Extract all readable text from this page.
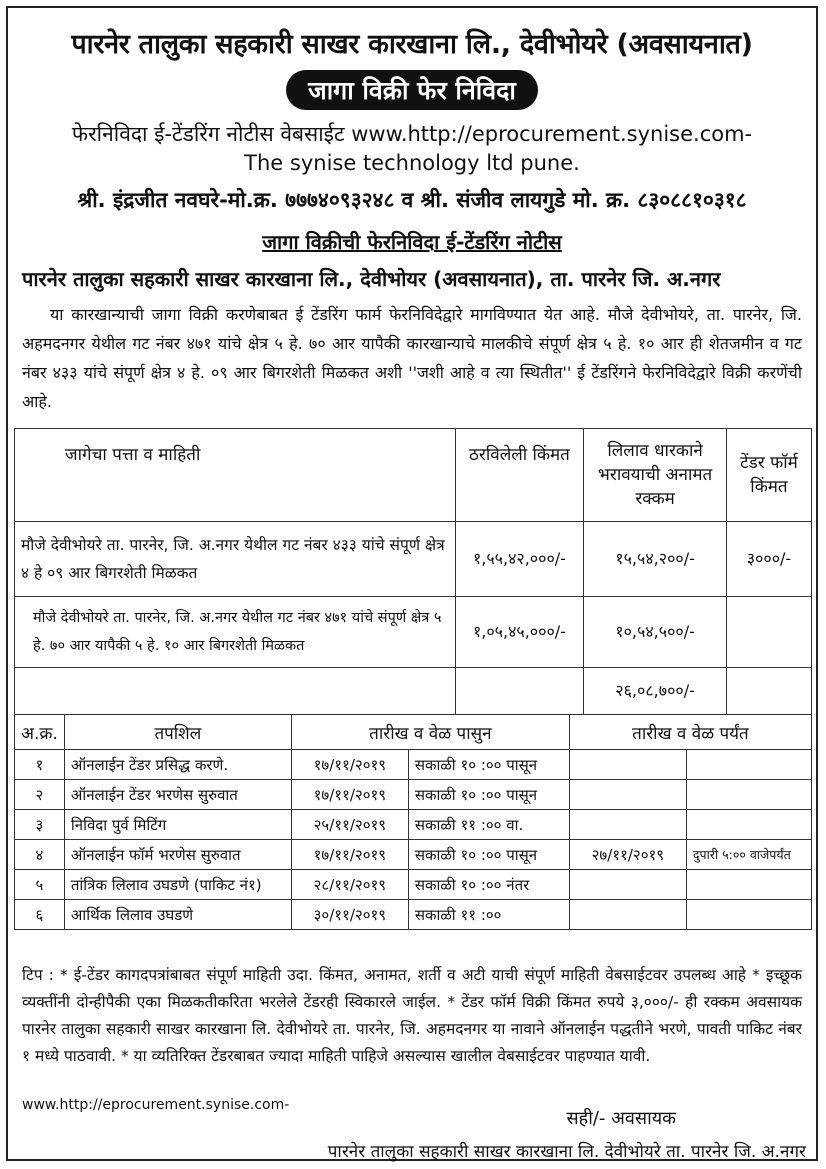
पारनेर तालुका सहकारी साखर कारखाना लि., देवीभोयरे (अवसायनात)
जागा विक्री फेर निविदा
फेरनिविदा ई-टेंडरिंग नोटीस वेबसाईट www.http://eprocurement.synise.com-
The synise technology ltd pune.
श्री. इंद्रजीत नवघरे-मो.क्र. ७७७४०९३२४८ व श्री. संजीव लायगुडे मो. क्र. ८३०८८१०३१८
जागा विक्रीची फेरनिविदा ई-टेंडरिंग नोटीस
पारनेर तालुका सहकारी साखर कारखाना लि., देवीभोयर (अवसायनात), ता. पारनेर जि. अ.नगर
या कारखान्याची जागा विक्री करणेबाबत ई टेंडरिंग फार्म फेरनिविदेद्वारे मागविण्यात येत आहे. मौजे देवीभोयरे, ता. पारनेर, जि. अहमदनगर येथील गट नंबर ४७१ यांचे क्षेत्र ५ हे. ७० आर यापैकी कारखान्याचे मालकीचे संपूर्ण क्षेत्र ५ हे. १० आर ही शेतजमीन व गट नंबर ४३३ यांचे संपूर्ण क्षेत्र ४ हे. ०९ आर बिगरशेती मिळकत अशी ''जशी आहे व त्या स्थितीत'' ई टेंडरिंगने फेरनिविदेद्वारे विक्री करणेंची आहे.
जागेचा पत्ता व माहिती	ठरविलेली किंमत	लिलाव धारकाने भरावयाची अनामत रक्कम	टेंडर फॉर्म किंमत
मौजे देवीभोयरे ता. पारनेर, जि. अ.नगर येथील गट नंबर ४३३ यांचे संपूर्ण क्षेत्र ४ हे ०९ आर बिगरशेती मिळकत	१,५५,४२,०००/-	१५,५४,२००/-	३०००/-
मौजे देवीभोयरे ता. पारनेर, जि. अ.नगर येथील गट नंबर ४७१ यांचे संपूर्ण क्षेत्र ५ हे. ७० आर यापैकी ५ हे. १० आर बिगरशेती मिळकत	१,०५,४५,०००/-	१०,५४,५००/-	
		२६,०८,७००/-	
अ.क्र.	तपशिल	तारीख व वेळ पासुन		तारीख व वेळ पर्यंत	
१	ऑनलाईन टेंडर प्रसिद्ध करणे.	१७/११/२०१९	सकाळी १० :०० पासून		
२	ऑनलाईन टेंडर भरणेस सुरुवात	१७/११/२०१९	सकाळी १० :०० पासून		
३	निविदा पुर्व मिटिंग	२५/११/२०१९	सकाळी ११ :०० वा.		
४	ऑनलाईन फॉर्म भरणेस सुरुवात	१७/११/२०१९	सकाळी १० :०० पासून	२७/११/२०१९	दुपारी ५:०० वाजेपर्यंत
५	तांत्रिक लिलाव उघडणे (पाकिट नं१)	२८/११/२०१९	सकाळी १० :०० नंतर		
६	आर्थिक लिलाव उघडणे	३०/११/२०१९	सकाळी ११ :००		
टिप : * ई-टेंडर कागदपत्रांबाबत संपूर्ण माहिती उदा. किंमत, अनामत, शर्ती व अटी याची संपूर्ण माहिती वेबसाईटवर उपलब्ध आहे * इच्छूक व्यक्तींनी दोन्हीपैकी एका मिळकतीकरिता भरलेले टेंडरही स्विकारले जाईल. * टेंडर फॉर्म विक्री किंमत रुपये ३,०००/- ही रक्कम अवसायक पारनेर तालुका सहकारी साखर कारखाना लि. देवीभोयरे ता. पारनेर, जि. अहमदनगर या नावाने ऑनलाईन पद्धतीने भरणे, पावती पाकिट नंबर १ मध्ये पाठवावी. * या व्यतिरिक्त टेंडरबाबत ज्यादा माहिती पाहिजे असल्यास खालील वेबसाईटवर पाहण्यात यावी.
www.http://eprocurement.synise.com-
सही/- अवसायक
पारनेर तालुका सहकारी साखर कारखाना लि. देवीभोयरे ता. पारनेर जि. अ.नगर
